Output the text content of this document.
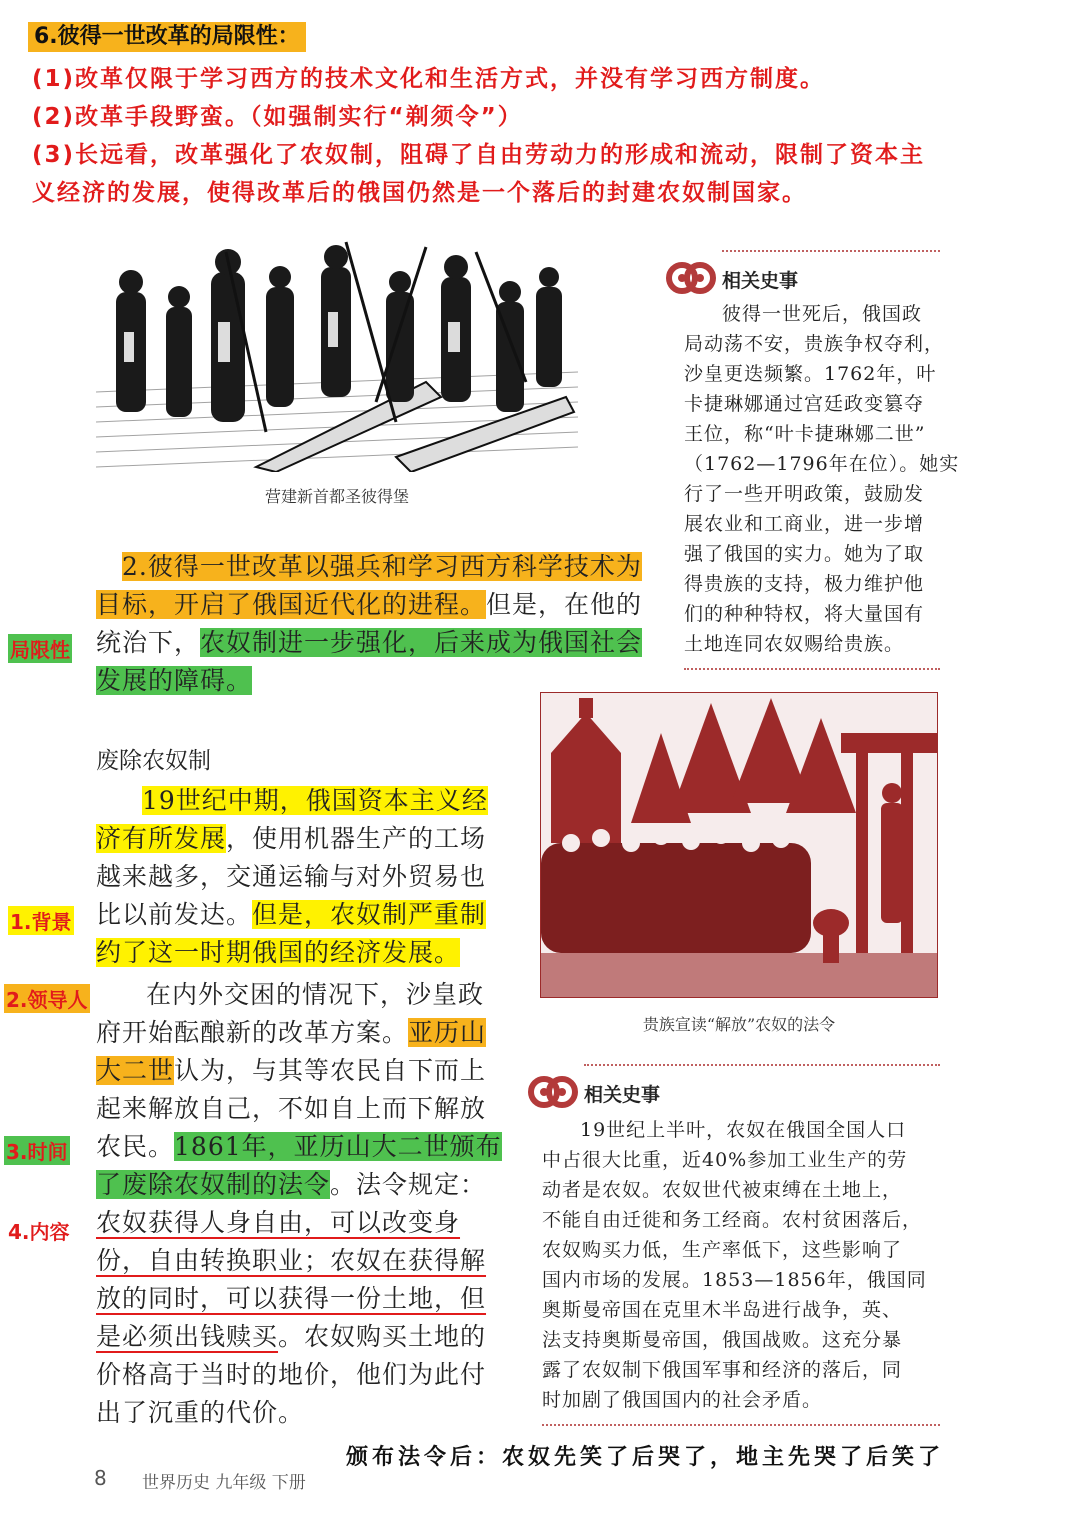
6.彼得一世改革的局限性：
(1)改革仅限于学习西方的技术文化和生活方式，并没有学习西方制度。
(2)改革手段野蛮。（如强制实行“剃须令”）
(3)长远看，改革强化了农奴制，阻碍了自由劳动力的形成和流动，限制了资本主
义经济的发展，使得改革后的俄国仍然是一个落后的封建农奴制国家。
营建新首都圣彼得堡
相关史事
彼得一世死后，俄国政
局动荡不安，贵族争权夺利，
沙皇更迭频繁。1762年，叶
卡捷琳娜通过宫廷政变篡夺
王位，称“叶卡捷琳娜二世”
（1762—1796年在位）。她实
行了一些开明政策，鼓励发
展农业和工商业，进一步增
强了俄国的实力。她为了取
得贵族的支持，极力维护他
们的种种特权，将大量国有
土地连同农奴赐给贵族。
2.彼得一世改革以强兵和学习西方科学技术为
目标，开启了俄国近代化的进程。但是，在他的
局限性 统治下，农奴制进一步强化，后来成为俄国社会
发展的障碍。
贵族宣读“解放”农奴的法令
废除农奴制
19世纪中期，俄国资本主义经
济有所发展，使用机器生产的工场
越来越多，交通运输与对外贸易也
1.背景 比以前发达。但是，农奴制严重制
约了这一时期俄国的经济发展。
2.领导人	在内外交困的情况下，沙皇政
府开始酝酿新的改革方案。亚历山
大二世认为，与其等农民自下而上
起来解放自己，不如自上而下解放
3.时间 农民。1861年，亚历山大二世颁布
了废除农奴制的法令。法令规定：
4.内容 农奴获得人身自由，可以改变身
份，自由转换职业；农奴在获得解
放的同时，可以获得一份土地，但
是必须出钱赎买。农奴购买土地的
价格高于当时的地价，他们为此付
出了沉重的代价。
相关史事
19世纪上半叶，农奴在俄国全国人口
中占很大比重，近40%参加工业生产的劳
动者是农奴。农奴世代被束缚在土地上，
不能自由迁徙和务工经商。农村贫困落后，
农奴购买力低，生产率低下，这些影响了
国内市场的发展。1853—1856年，俄国同
奥斯曼帝国在克里木半岛进行战争，英、
法支持奥斯曼帝国，俄国战败。这充分暴
露了农奴制下俄国军事和经济的落后，同
时加剧了俄国国内的社会矛盾。
颁布法令后：农奴先笑了后哭了，地主先哭了后笑了
8 世界历史 九年级 下册
